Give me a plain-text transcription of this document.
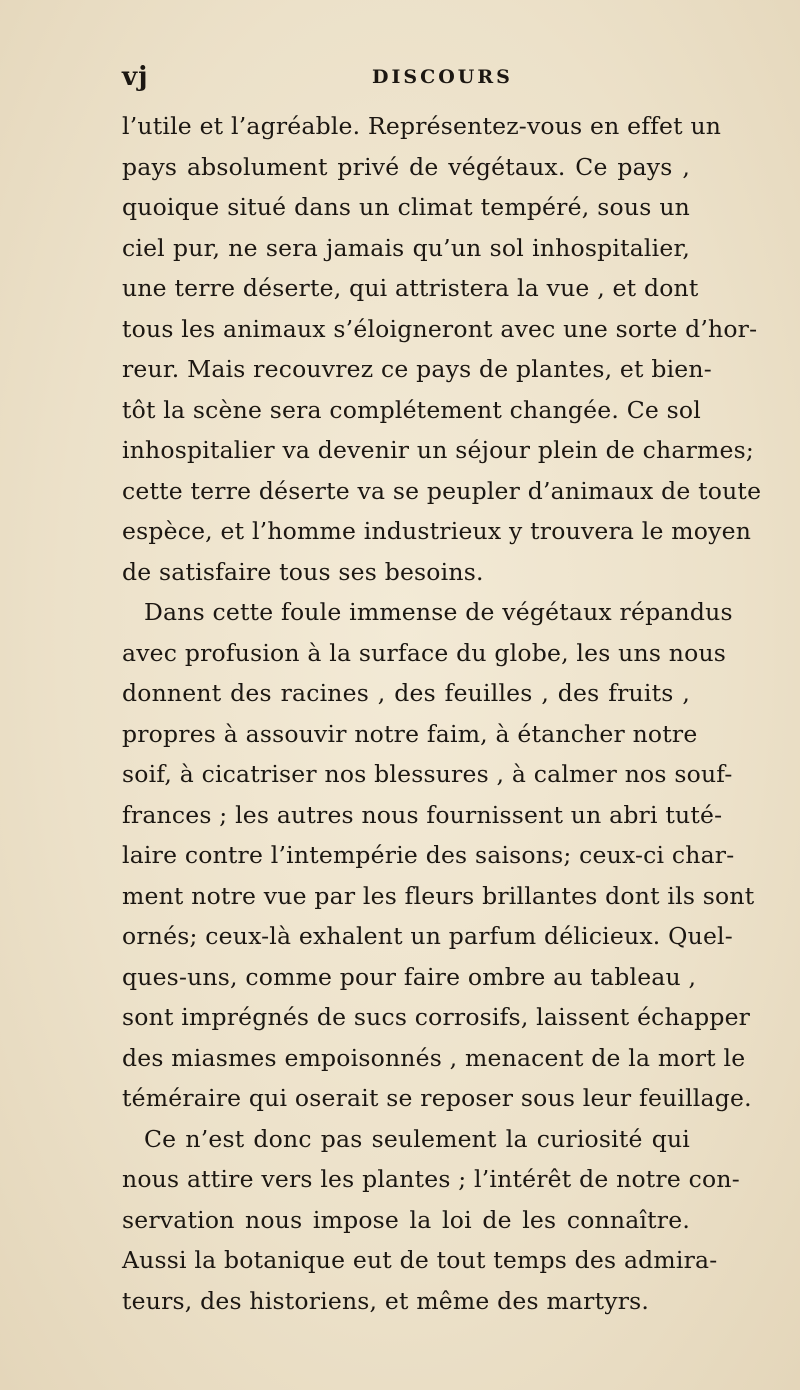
vj	DISCOURS
l’utile et l’agréable. Représentez-vous en effet un
pays absolument privé de végétaux. Ce pays ,
quoique situé dans un climat tempéré, sous un
ciel pur, ne sera jamais qu’un sol inhospitalier,
une terre déserte, qui attristera la vue , et dont
tous les animaux s’éloigneront avec une sorte d’hor-
reur. Mais recouvrez ce pays de plantes, et bien-
tôt la scène sera complétement changée. Ce sol
inhospitalier va devenir un séjour plein de charmes;
cette terre déserte va se peupler d’animaux de toute
espèce, et l’homme industrieux y trouvera le moyen
de satisfaire tous ses besoins.
Dans cette foule immense de végétaux répandus
avec profusion à la surface du globe, les uns nous
donnent des racines , des feuilles , des fruits ,
propres à assouvir notre faim, à étancher notre
soif, à cicatriser nos blessures , à calmer nos souf-
frances ; les autres nous fournissent un abri tuté-
laire contre l’intempérie des saisons; ceux-ci char-
ment notre vue par les fleurs brillantes dont ils sont
ornés; ceux-là exhalent un parfum délicieux. Quel-
ques-uns, comme pour faire ombre au tableau ,
sont imprégnés de sucs corrosifs, laissent échapper
des miasmes empoisonnés , menacent de la mort le
téméraire qui oserait se reposer sous leur feuillage.
Ce n’est donc pas seulement la curiosité qui
nous attire vers les plantes ; l’intérêt de notre con-
servation nous impose la loi de les connaître.
Aussi la botanique eut de tout temps des admira-
teurs, des historiens, et même des martyrs.
